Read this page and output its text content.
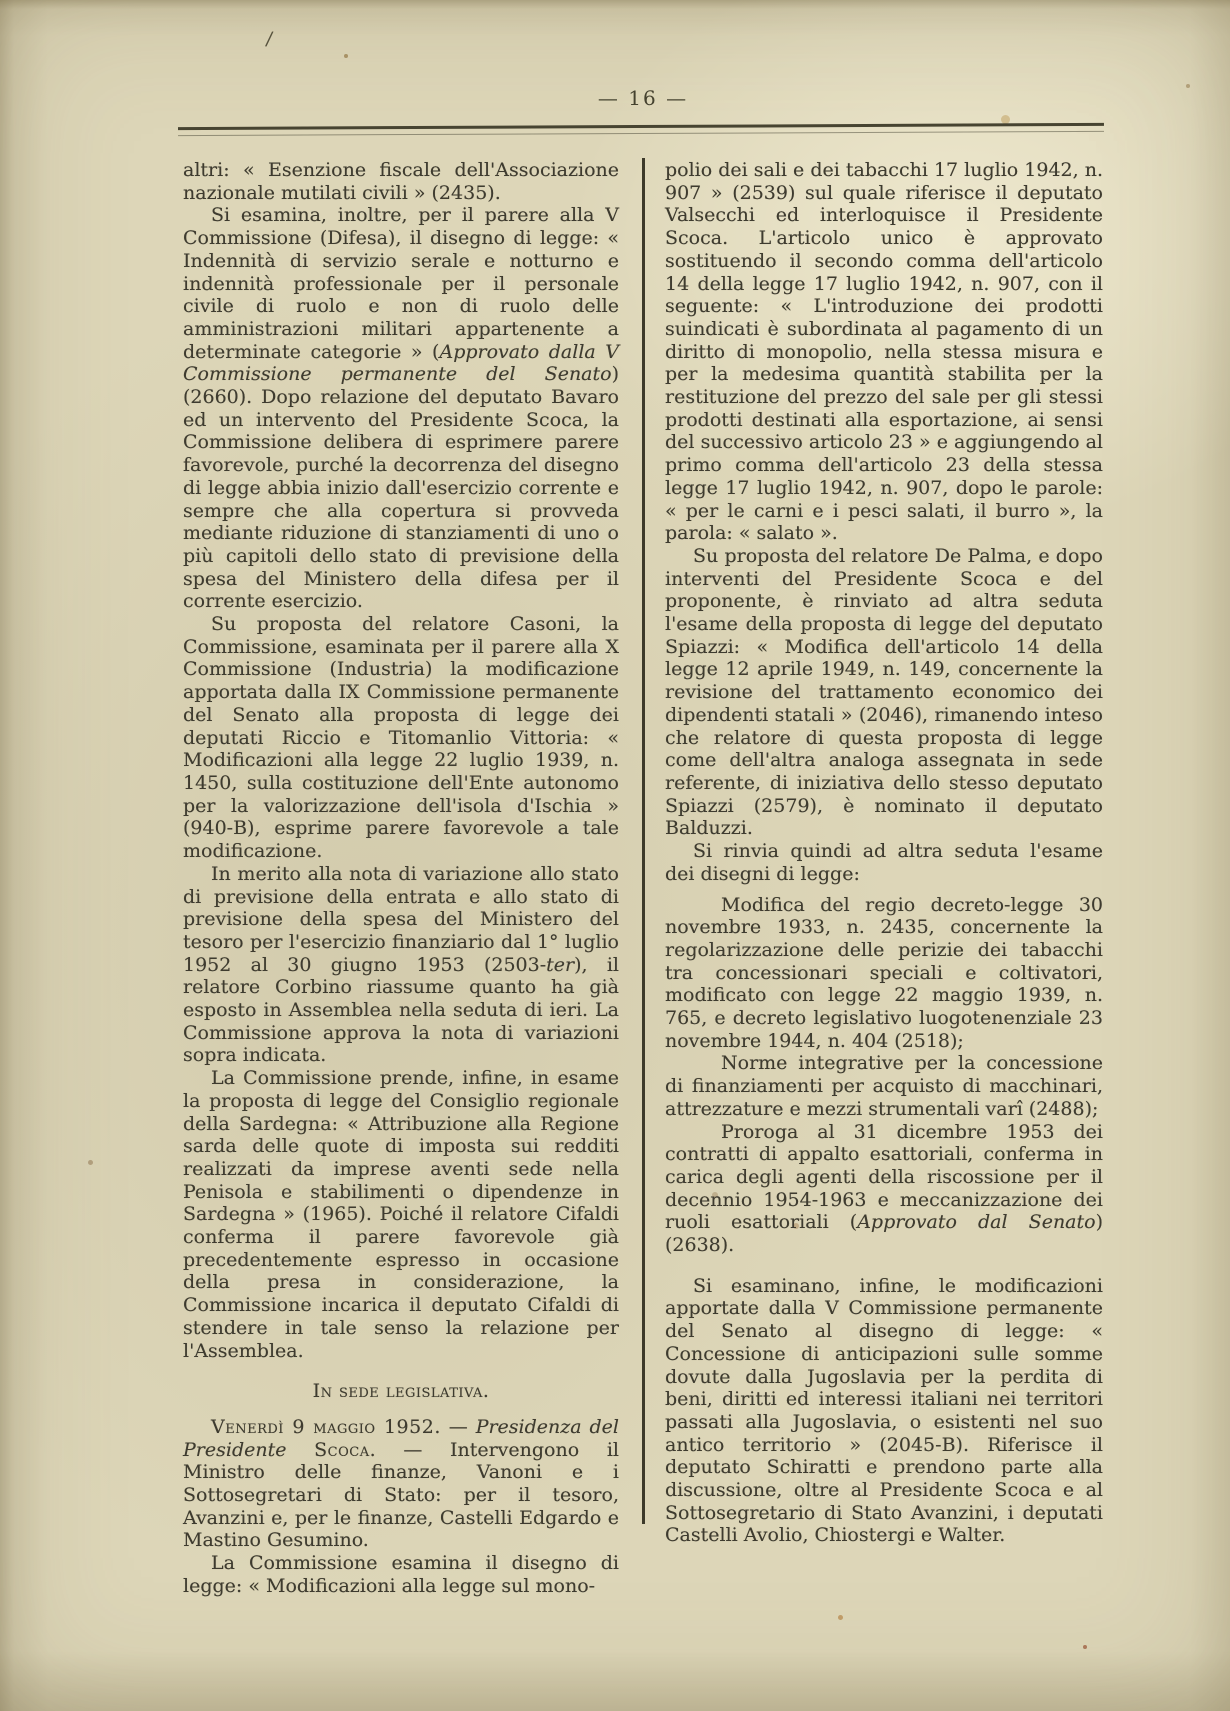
/
— 16 —

altri: « Esenzione fiscale dell'Associazione nazionale mutilati civili » (2435).

Si esamina, inoltre, per il parere alla V Commissione (Difesa), il disegno di legge: « Indennità di servizio serale e notturno e indennità professionale per il personale civile di ruolo e non di ruolo delle amministrazioni militari appartenente a determinate categorie » (Approvato dalla V Commissione permanente del Senato) (2660). Dopo relazione del deputato Bavaro ed un intervento del Presidente Scoca, la Commissione delibera di esprimere parere favorevole, purché la decorrenza del disegno di legge abbia inizio dall'esercizio corrente e sempre che alla copertura si provveda mediante riduzione di stanziamenti di uno o più capitoli dello stato di previsione della spesa del Ministero della difesa per il corrente esercizio.

Su proposta del relatore Casoni, la Commissione, esaminata per il parere alla X Commissione (Industria) la modificazione apportata dalla IX Commissione permanente del Senato alla proposta di legge dei deputati Riccio e Titomanlio Vittoria: « Modificazioni alla legge 22 luglio 1939, n. 1450, sulla costituzione dell'Ente autonomo per la valorizzazione dell'isola d'Ischia » (940-B), esprime parere favorevole a tale modificazione.

In merito alla nota di variazione allo stato di previsione della entrata e allo stato di previsione della spesa del Ministero del tesoro per l'esercizio finanziario dal 1° luglio 1952 al 30 giugno 1953 (2503-ter), il relatore Corbino riassume quanto ha già esposto in Assemblea nella seduta di ieri. La Commissione approva la nota di variazioni sopra indicata.

La Commissione prende, infine, in esame la proposta di legge del Consiglio regionale della Sardegna: « Attribuzione alla Regione sarda delle quote di imposta sui redditi realizzati da imprese aventi sede nella Penisola e stabilimenti o dipendenze in Sardegna » (1965). Poiché il relatore Cifaldi conferma il parere favorevole già precedentemente espresso in occasione della presa in considerazione, la Commissione incarica il deputato Cifaldi di stendere in tale senso la relazione per l'Assemblea.

In sede legislativa.

Venerdì 9 maggio 1952. — Presidenza del Presidente Scoca. — Intervengono il Ministro delle finanze, Vanoni e i Sottosegretari di Stato: per il tesoro, Avanzini e, per le finanze, Castelli Edgardo e Mastino Gesumino.

La Commissione esamina il disegno di legge: « Modificazioni alla legge sul mono-

polio dei sali e dei tabacchi 17 luglio 1942, n. 907 » (2539) sul quale riferisce il deputato Valsecchi ed interloquisce il Presidente Scoca. L'articolo unico è approvato sostituendo il secondo comma dell'articolo 14 della legge 17 luglio 1942, n. 907, con il seguente: « L'introduzione dei prodotti suindicati è subordinata al pagamento di un diritto di monopolio, nella stessa misura e per la medesima quantità stabilita per la restituzione del prezzo del sale per gli stessi prodotti destinati alla esportazione, ai sensi del successivo articolo 23 » e aggiungendo al primo comma dell'articolo 23 della stessa legge 17 luglio 1942, n. 907, dopo le parole: « per le carni e i pesci salati, il burro », la parola: « salato ».

Su proposta del relatore De Palma, e dopo interventi del Presidente Scoca e del proponente, è rinviato ad altra seduta l'esame della proposta di legge del deputato Spiazzi: « Modifica dell'articolo 14 della legge 12 aprile 1949, n. 149, concernente la revisione del trattamento economico dei dipendenti statali » (2046), rimanendo inteso che relatore di questa proposta di legge come dell'altra analoga assegnata in sede referente, di iniziativa dello stesso deputato Spiazzi (2579), è nominato il deputato Balduzzi.

Si rinvia quindi ad altra seduta l'esame dei disegni di legge:

Modifica del regio decreto-legge 30 novembre 1933, n. 2435, concernente la regolarizzazione delle perizie dei tabacchi tra concessionari speciali e coltivatori, modificato con legge 22 maggio 1939, n. 765, e decreto legislativo luogotenenziale 23 novembre 1944, n. 404 (2518);

Norme integrative per la concessione di finanziamenti per acquisto di macchinari, attrezzature e mezzi strumentali varî (2488);

Proroga al 31 dicembre 1953 dei contratti di appalto esattoriali, conferma in carica degli agenti della riscossione per il decennio 1954-1963 e meccanizzazione dei ruoli esattoriali (Approvato dal Senato) (2638).

Si esaminano, infine, le modificazioni apportate dalla V Commissione permanente del Senato al disegno di legge: « Concessione di anticipazioni sulle somme dovute dalla Jugoslavia per la perdita di beni, diritti ed interessi italiani nei territori passati alla Jugoslavia, o esistenti nel suo antico territorio » (2045-B). Riferisce il deputato Schiratti e prendono parte alla discussione, oltre al Presidente Scoca e al Sottosegretario di Stato Avanzini, i deputati Castelli Avolio, Chiostergi e Walter.
